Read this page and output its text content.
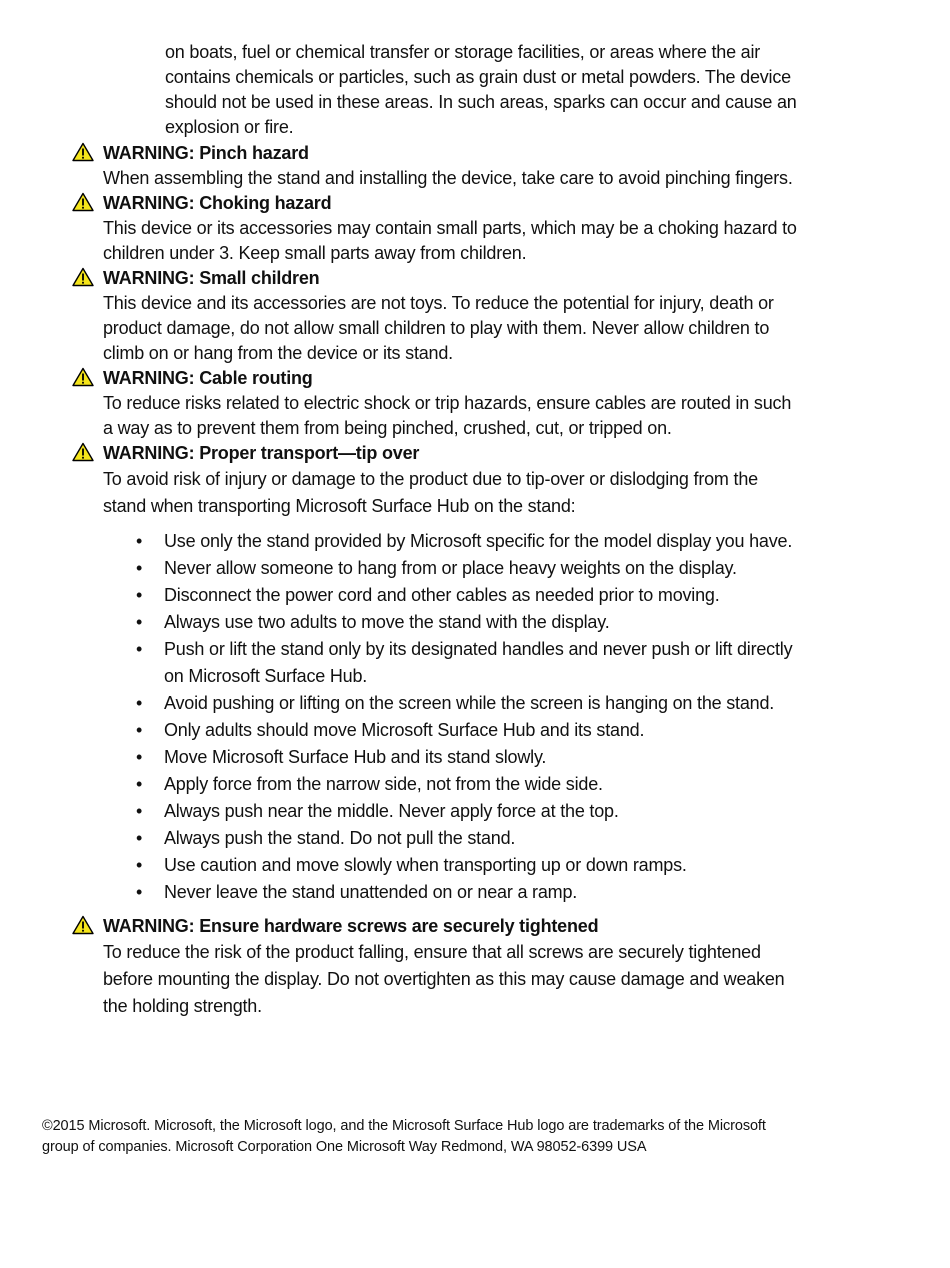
on boats, fuel or chemical transfer or storage facilities, or areas where the air

contains chemicals or particles, such as grain dust or metal powders. The device

should not be used in these areas. In such areas, sparks can occur and cause an

explosion or fire.

WARNING: Pinch hazard

When assembling the stand and installing the device, take care to avoid pinching fingers.

WARNING: Choking hazard

This device or its accessories may contain small parts, which may be a choking hazard to

children under 3. Keep small parts away from children.

WARNING: Small children

This device and its accessories are not toys. To reduce the potential for injury, death or

product damage, do not allow small children to play with them. Never allow children to

climb on or hang from the device or its stand.

WARNING: Cable routing

To reduce risks related to electric shock or trip hazards, ensure cables are routed in such

a way as to prevent them from being pinched, crushed, cut, or tripped on.

WARNING: Proper transport—tip over

To avoid risk of injury or damage to the product due to tip-over or dislodging from the

stand when transporting Microsoft Surface Hub on the stand:

• Use only the stand provided by Microsoft specific for the model display you have.
• Never allow someone to hang from or place heavy weights on the display.
• Disconnect the power cord and other cables as needed prior to moving.
• Always use two adults to move the stand with the display.
• Push or lift the stand only by its designated handles and never push or lift directly
on Microsoft Surface Hub.
• Avoid pushing or lifting on the screen while the screen is hanging on the stand.
• Only adults should move Microsoft Surface Hub and its stand.
• Move Microsoft Surface Hub and its stand slowly.
• Apply force from the narrow side, not from the wide side.
• Always push near the middle. Never apply force at the top.
• Always push the stand. Do not pull the stand.
• Use caution and move slowly when transporting up or down ramps.
• Never leave the stand unattended on or near a ramp.

WARNING: Ensure hardware screws are securely tightened

To reduce the risk of the product falling, ensure that all screws are securely tightened

before mounting the display. Do not overtighten as this may cause damage and weaken

the holding strength.

©2015 Microsoft. Microsoft, the Microsoft logo, and the Microsoft Surface Hub logo are trademarks of the Microsoft

group of companies. Microsoft Corporation One Microsoft Way Redmond, WA 98052-6399 USA
